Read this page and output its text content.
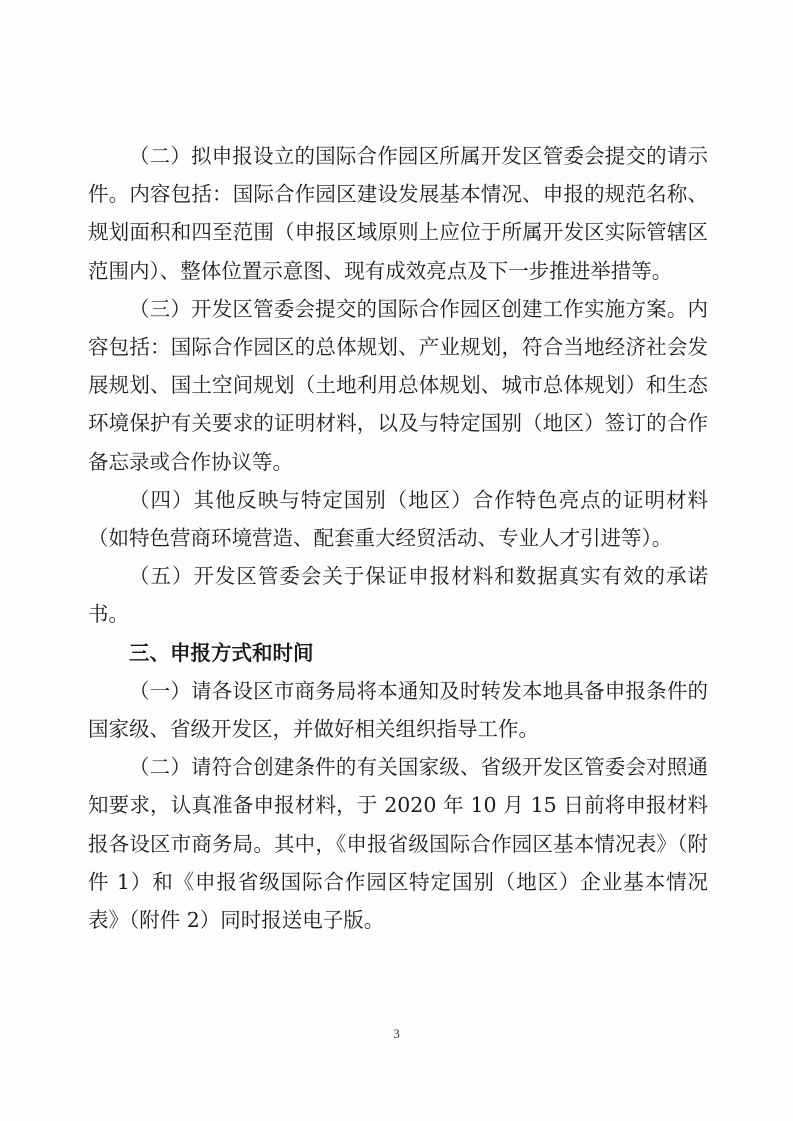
（二）拟申报设立的国际合作园区所属开发区管委会提交的请示件。内容包括：国际合作园区建设发展基本情况、申报的规范名称、规划面积和四至范围（申报区域原则上应位于所属开发区实际管辖区范围内）、整体位置示意图、现有成效亮点及下一步推进举措等。

（三）开发区管委会提交的国际合作园区创建工作实施方案。内容包括：国际合作园区的总体规划、产业规划，符合当地经济社会发展规划、国土空间规划（土地利用总体规划、城市总体规划）和生态环境保护有关要求的证明材料，以及与特定国别（地区）签订的合作备忘录或合作协议等。

（四）其他反映与特定国别（地区）合作特色亮点的证明材料（如特色营商环境营造、配套重大经贸活动、专业人才引进等）。

（五）开发区管委会关于保证申报材料和数据真实有效的承诺书。

三、申报方式和时间

（一）请各设区市商务局将本通知及时转发本地具备申报条件的国家级、省级开发区，并做好相关组织指导工作。

（二）请符合创建条件的有关国家级、省级开发区管委会对照通知要求，认真准备申报材料，于 2020 年 10 月 15 日前将申报材料报各设区市商务局。其中，《申报省级国际合作园区基本情况表》（附件 1）和《申报省级国际合作园区特定国别（地区）企业基本情况表》（附件 2）同时报送电子版。

3
